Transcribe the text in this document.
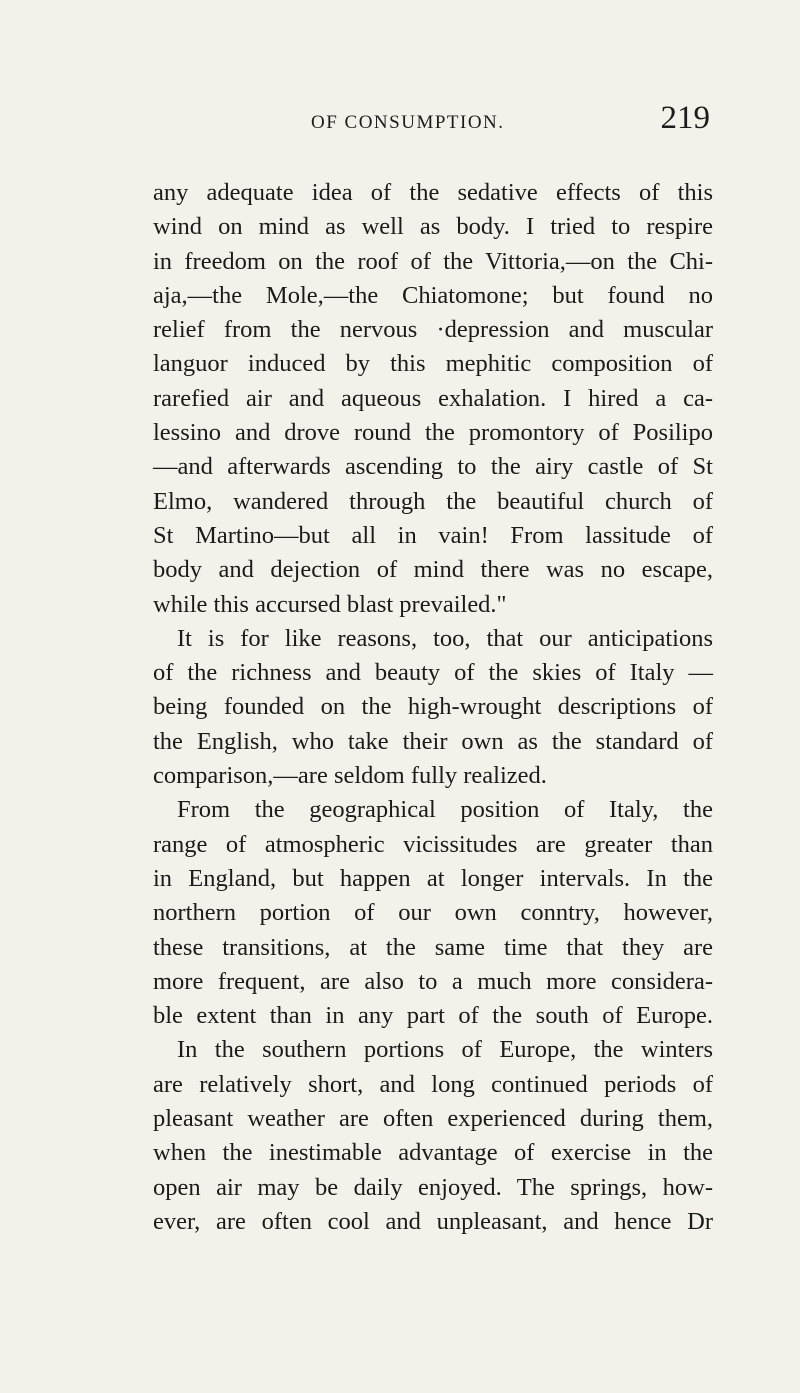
OF CONSUMPTION.	219
any adequate idea of the sedative effects of this
wind on mind as well as body. I tried to respire
in freedom on the roof of the Vittoria,—on the Chi-
aja,—the Mole,—the Chiatomone; but found no
relief from the nervous ·depression and muscular
languor induced by this mephitic composition of
rarefied air and aqueous exhalation. I hired a ca-
lessino and drove round the promontory of Posilipo
—and afterwards ascending to the airy castle of St
Elmo, wandered through the beautiful church of
St Martino—but all in vain! From lassitude of
body and dejection of mind there was no escape,
while this accursed blast prevailed."
It is for like reasons, too, that our anticipations
of the richness and beauty of the skies of Italy —
being founded on the high-wrought descriptions of
the English, who take their own as the standard of
comparison,—are seldom fully realized.
From the geographical position of Italy, the
range of atmospheric vicissitudes are greater than
in England, but happen at longer intervals. In the
northern portion of our own conntry, however,
these transitions, at the same time that they are
more frequent, are also to a much more considera-
ble extent than in any part of the south of Europe.
In the southern portions of Europe, the winters
are relatively short, and long continued periods of
pleasant weather are often experienced during them,
when the inestimable advantage of exercise in the
open air may be daily enjoyed. The springs, how-
ever, are often cool and unpleasant, and hence Dr
